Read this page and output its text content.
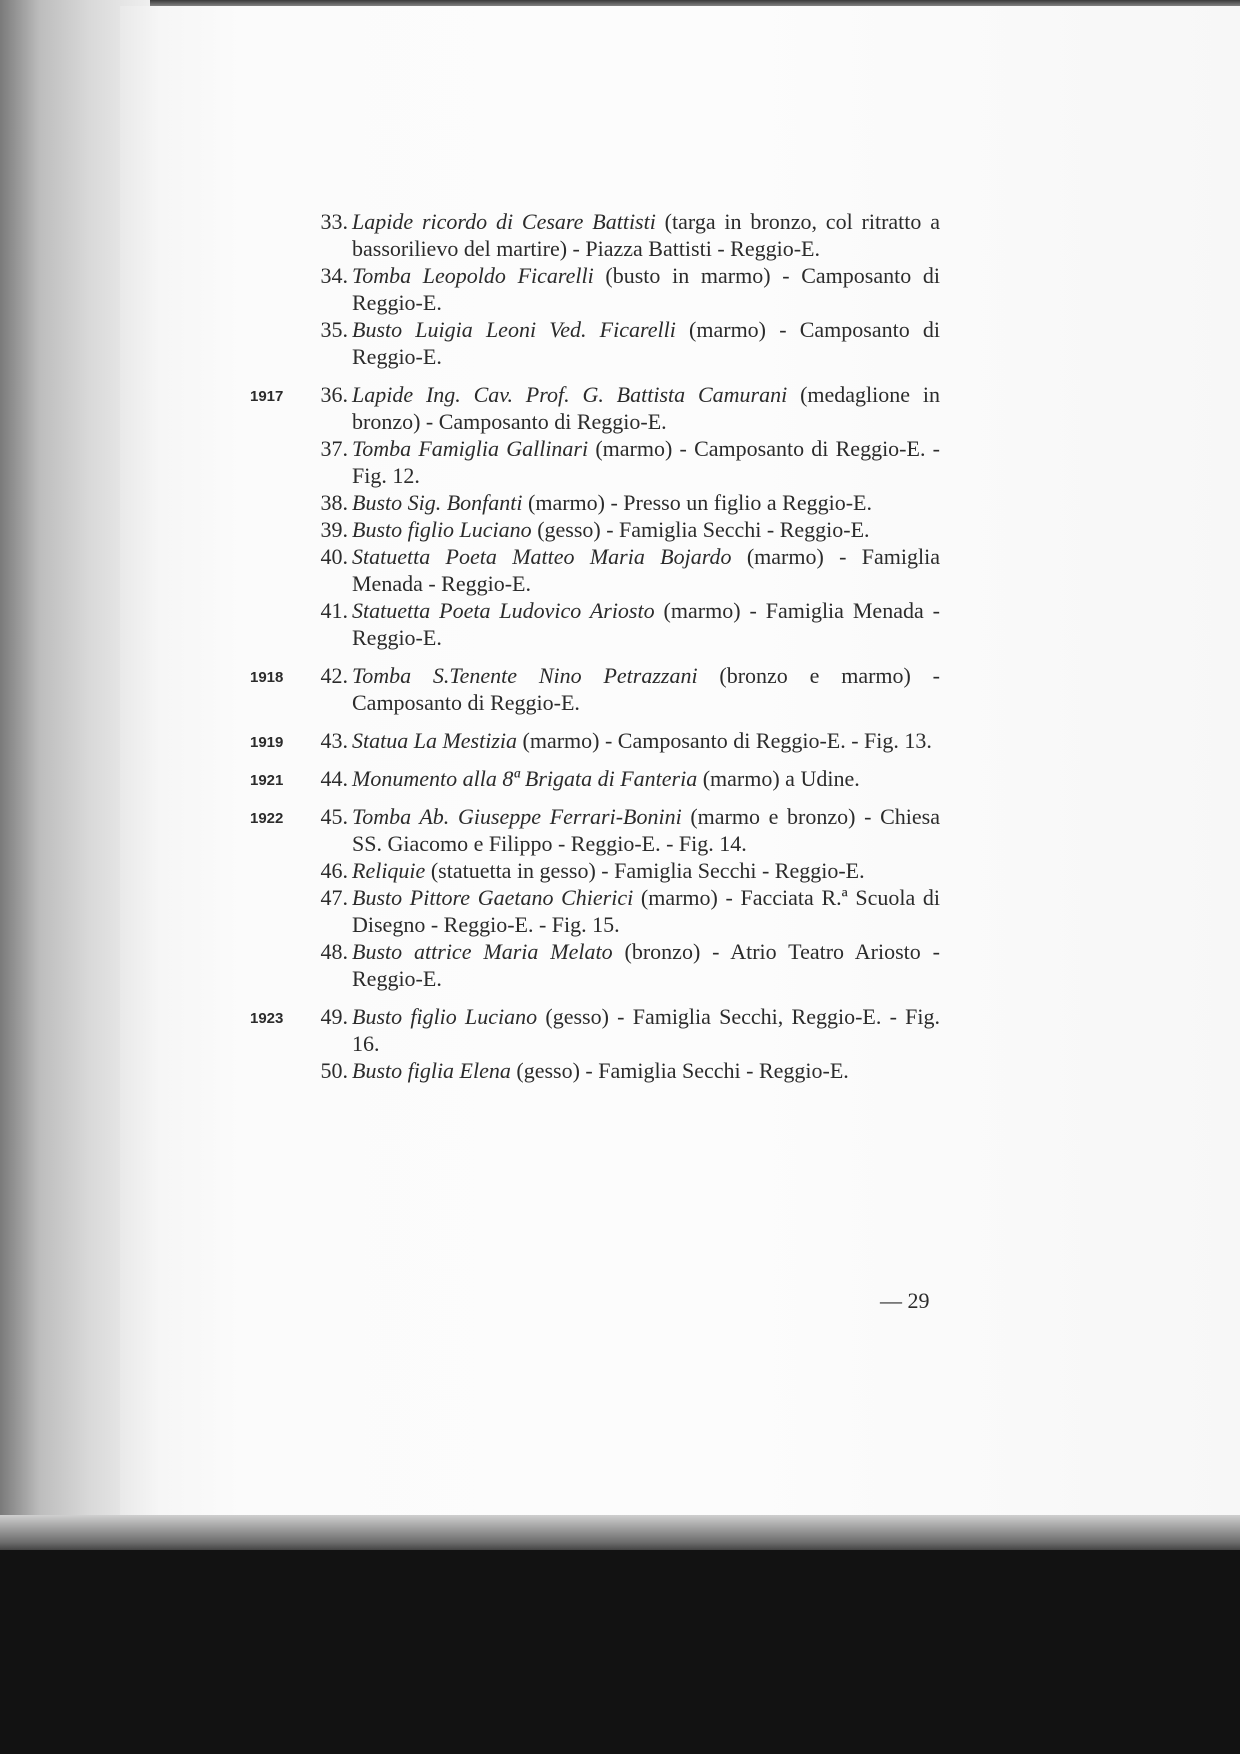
33. Lapide ricordo di Cesare Battisti (targa in bronzo, col ritratto a bassorilievo del martire) - Piazza Battisti - Reggio-E.
34. Tomba Leopoldo Ficarelli (busto in marmo) - Camposanto di Reggio-E.
35. Busto Luigia Leoni Ved. Ficarelli (marmo) - Camposanto di Reggio-E.
1917	36. Lapide Ing. Cav. Prof. G. Battista Camurani (medaglione in bronzo) - Camposanto di Reggio-E.
37. Tomba Famiglia Gallinari (marmo) - Camposanto di Reggio-E. - Fig. 12.
38. Busto Sig. Bonfanti (marmo) - Presso un figlio a Reggio-E.
39. Busto figlio Luciano (gesso) - Famiglia Secchi - Reggio-E.
40. Statuetta Poeta Matteo Maria Bojardo (marmo) - Famiglia Menada - Reggio-E.
41. Statuetta Poeta Ludovico Ariosto (marmo) - Famiglia Menada - Reggio-E.
1918	42. Tomba S.Tenente Nino Petrazzani (bronzo e marmo) - Camposanto di Reggio-E.
1919	43. Statua La Mestizia (marmo) - Camposanto di Reggio-E. - Fig. 13.
1921	44. Monumento alla 8ª Brigata di Fanteria (marmo) a Udine.
1922	45. Tomba Ab. Giuseppe Ferrari-Bonini (marmo e bronzo) - Chiesa SS. Giacomo e Filippo - Reggio-E. - Fig. 14.
46. Reliquie (statuetta in gesso) - Famiglia Secchi - Reggio-E.
47. Busto Pittore Gaetano Chierici (marmo) - Facciata R.ª Scuola di Disegno - Reggio-E. - Fig. 15.
48. Busto attrice Maria Melato (bronzo) - Atrio Teatro Ariosto - Reggio-E.
1923	49. Busto figlio Luciano (gesso) - Famiglia Secchi, Reggio-E. - Fig. 16.
50. Busto figlia Elena (gesso) - Famiglia Secchi - Reggio-E.
— 29
